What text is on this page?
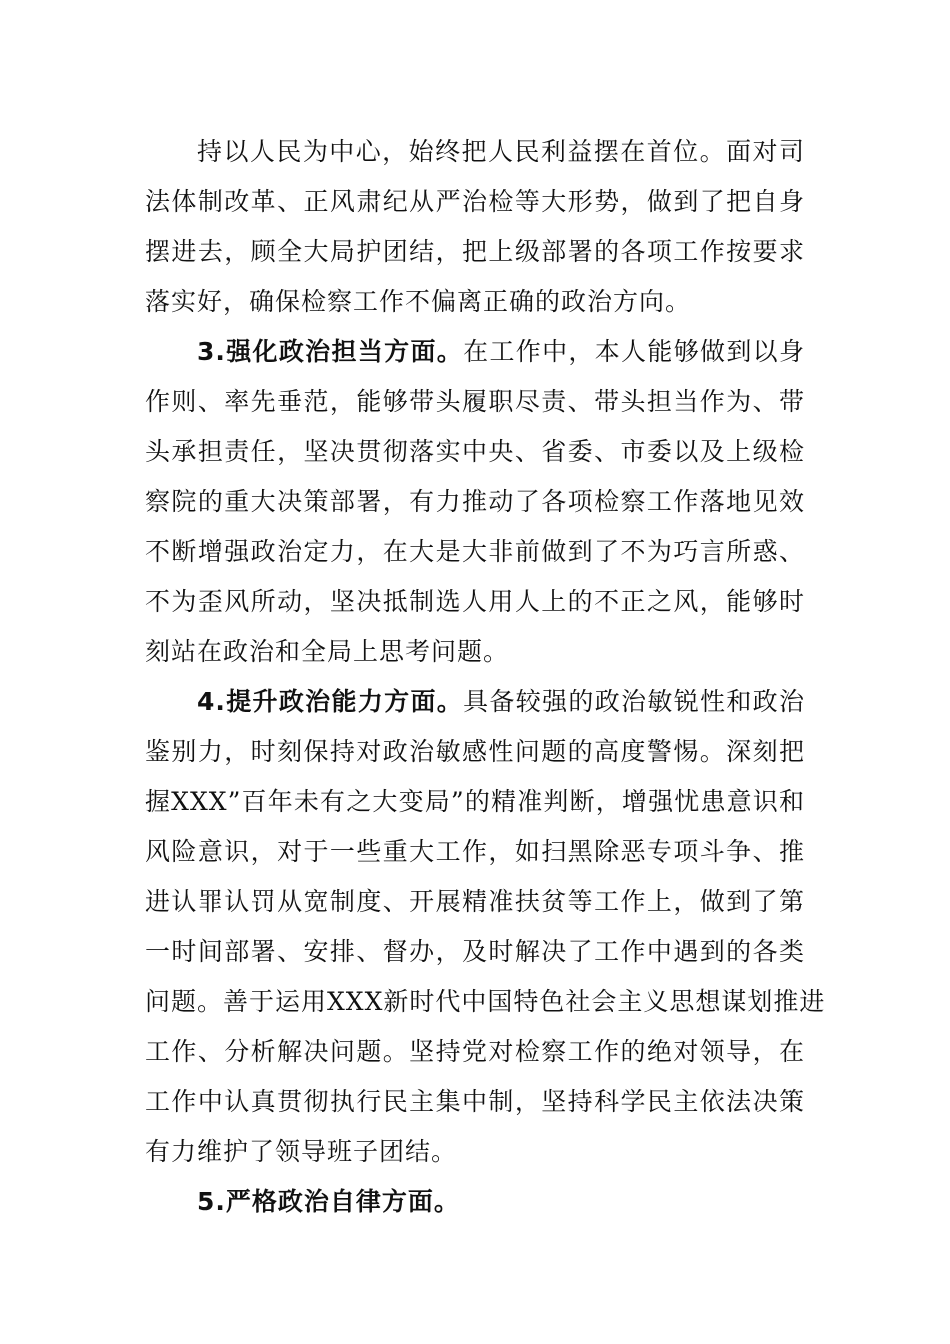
持以人民为中心，始终把人民利益摆在首位。面对司
法体制改革、正风肃纪从严治检等大形势，做到了把自身
摆进去，顾全大局护团结，把上级部署的各项工作按要求
落实好，确保检察工作不偏离正确的政治方向。
3.强化政治担当方面。在工作中，本人能够做到以身
作则、率先垂范，能够带头履职尽责、带头担当作为、带
头承担责任，坚决贯彻落实中央、省委、市委以及上级检
察院的重大决策部署，有力推动了各项检察工作落地见效
不断增强政治定力，在大是大非前做到了不为巧言所惑、
不为歪风所动，坚决抵制选人用人上的不正之风，能够时
刻站在政治和全局上思考问题。
4.提升政治能力方面。具备较强的政治敏锐性和政治
鉴别力，时刻保持对政治敏感性问题的高度警惕。深刻把
握XXX”百年未有之大变局”的精准判断，增强忧患意识和
风险意识，对于一些重大工作，如扫黑除恶专项斗争、推
进认罪认罚从宽制度、开展精准扶贫等工作上，做到了第
一时间部署、安排、督办，及时解决了工作中遇到的各类
问题。善于运用XXX新时代中国特色社会主义思想谋划推进
工作、分析解决问题。坚持党对检察工作的绝对领导，在
工作中认真贯彻执行民主集中制，坚持科学民主依法决策
有力维护了领导班子团结。
5.严格政治自律方面。
